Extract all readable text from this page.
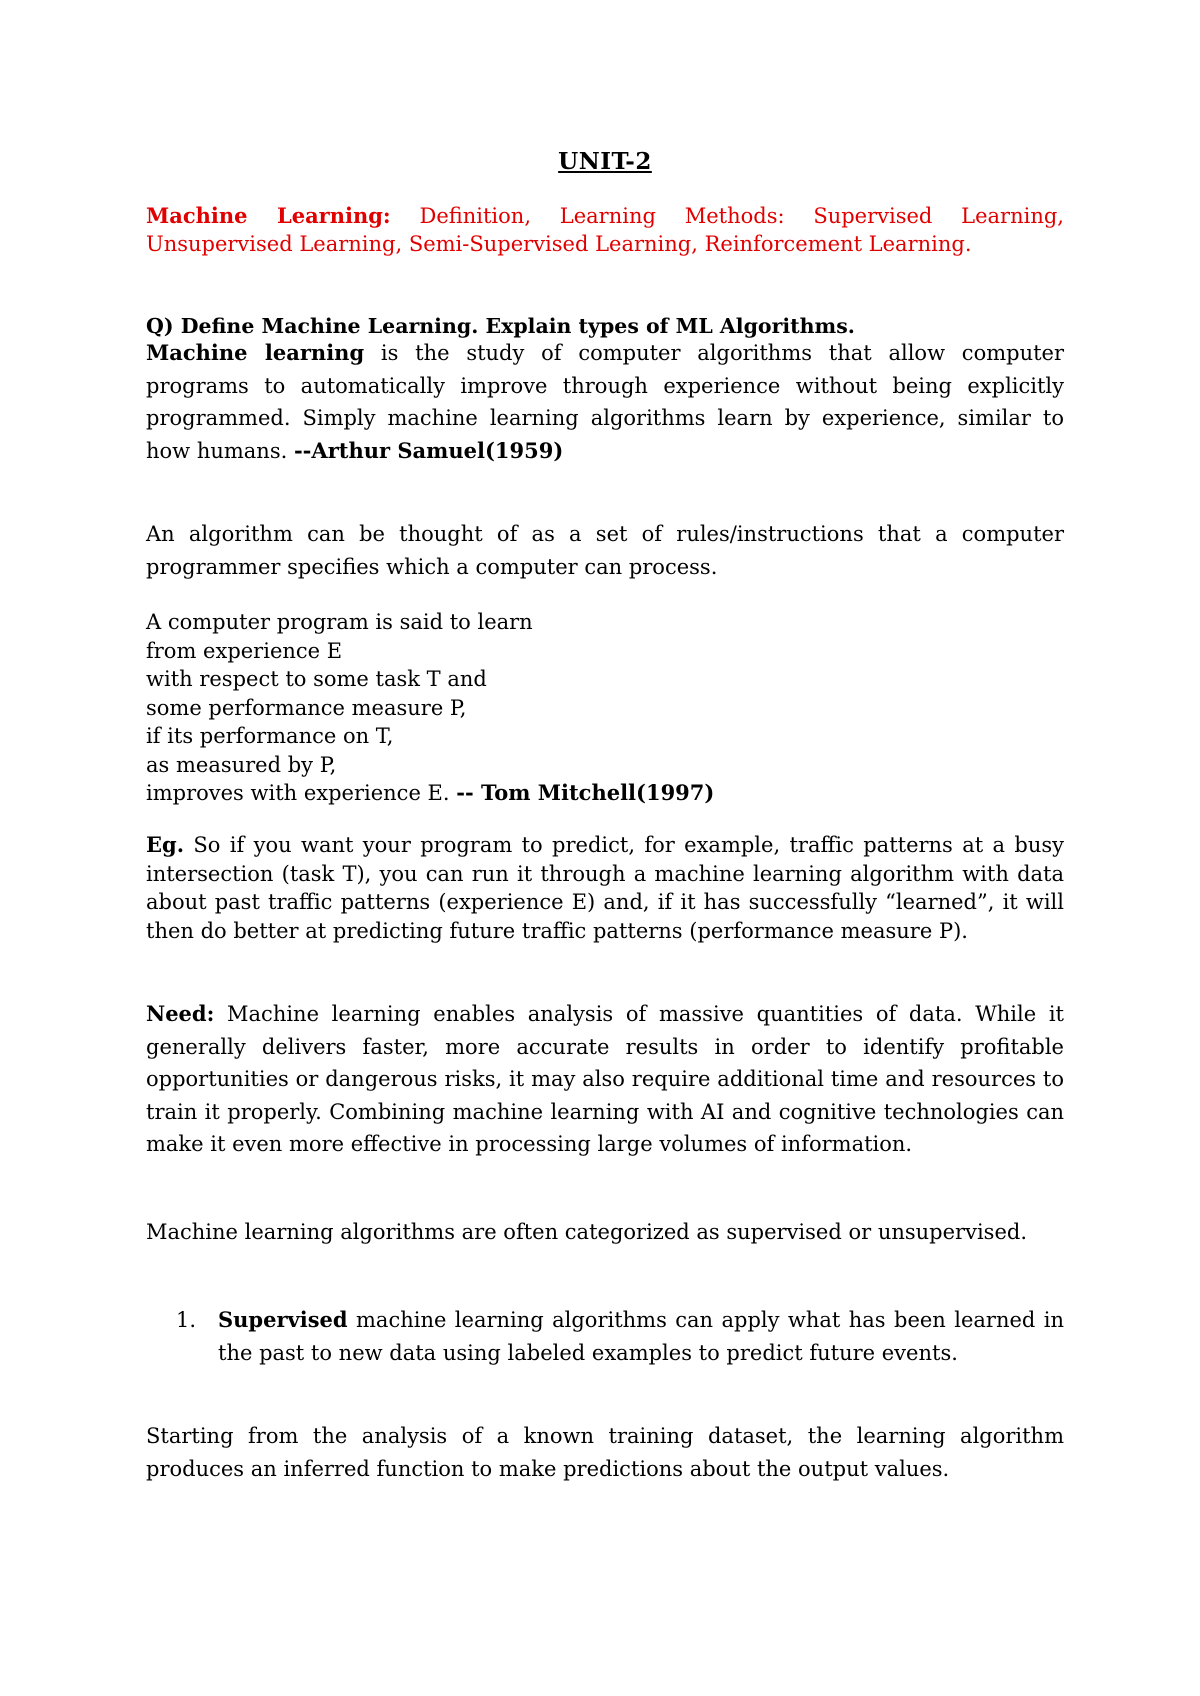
UNIT-2
Machine Learning: Definition, Learning Methods: Supervised Learning, Unsupervised Learning, Semi-Supervised Learning, Reinforcement Learning.
Q) Define Machine Learning. Explain types of ML Algorithms.
Machine learning is the study of computer algorithms that allow computer programs to automatically improve through experience without being explicitly programmed. Simply machine learning algorithms learn by experience, similar to how humans. --Arthur Samuel(1959)
An algorithm can be thought of as a set of rules/instructions that a computer programmer specifies which a computer can process.
A computer program is said to learn
from experience E
with respect to some task T and
some performance measure P,
if its performance on T,
as measured by P,
improves with experience E. -- Tom Mitchell(1997)
Eg. So if you want your program to predict, for example, traffic patterns at a busy intersection (task T), you can run it through a machine learning algorithm with data about past traffic patterns (experience E) and, if it has successfully “learned”, it will then do better at predicting future traffic patterns (performance measure P).
Need: Machine learning enables analysis of massive quantities of data. While it generally delivers faster, more accurate results in order to identify profitable opportunities or dangerous risks, it may also require additional time and resources to train it properly. Combining machine learning with AI and cognitive technologies can make it even more effective in processing large volumes of information.
Machine learning algorithms are often categorized as supervised or unsupervised.
1. Supervised machine learning algorithms can apply what has been learned in the past to new data using labeled examples to predict future events.
Starting from the analysis of a known training dataset, the learning algorithm produces an inferred function to make predictions about the output values.
